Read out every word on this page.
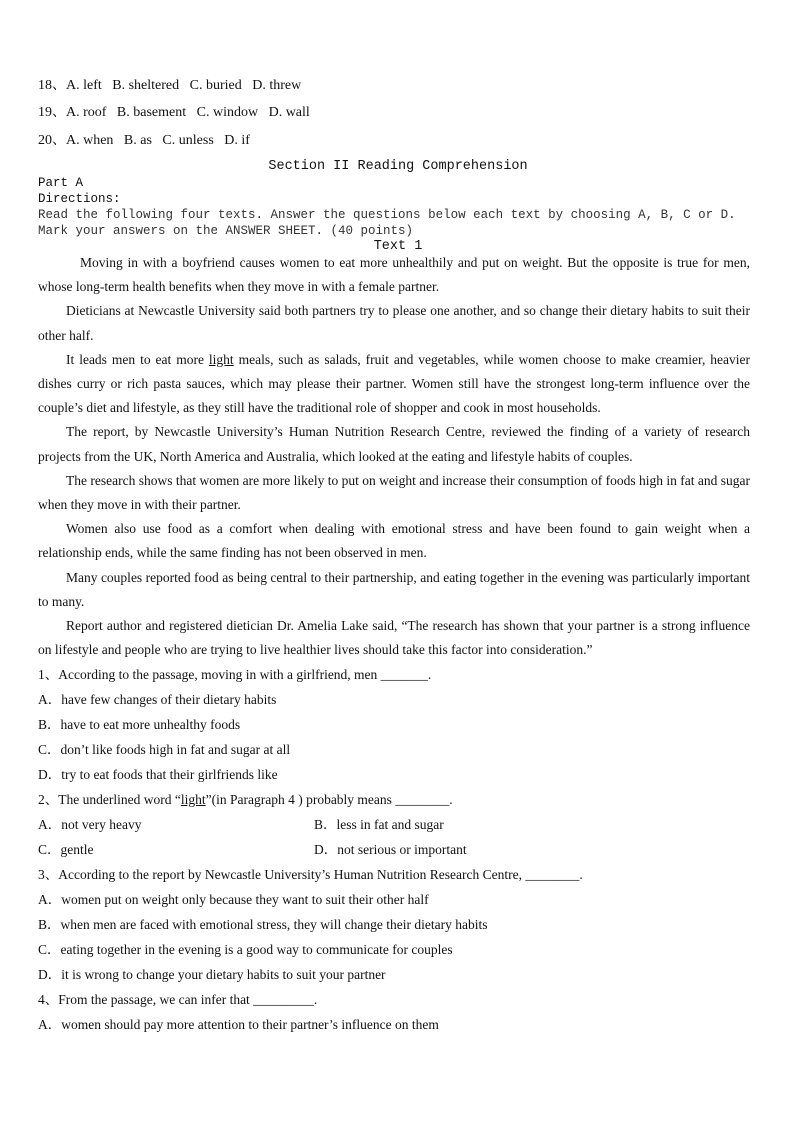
18、A. left   B. sheltered   C. buried   D. threw
19、A. roof   B. basement   C. window   D. wall
20、A. when   B. as   C. unless   D. if
Section II Reading Comprehension
Part A
Directions:
Read the following four texts. Answer the questions below each text by choosing A, B, C or D. Mark your answers on the ANSWER SHEET. (40 points)
Text 1

Moving in with a boyfriend causes women to eat more unhealthily and put on weight. But the opposite is true for men, whose long-term health benefits when they move in with a female partner.

Dieticians at Newcastle University said both partners try to please one another, and so change their dietary habits to suit their other half.

It leads men to eat more light meals, such as salads, fruit and vegetables, while women choose to make creamier, heavier dishes curry or rich pasta sauces, which may please their partner. Women still have the strongest long-term influence over the couple’s diet and lifestyle, as they still have the traditional role of shopper and cook in most households.

The report, by Newcastle University’s Human Nutrition Research Centre, reviewed the finding of a variety of research projects from the UK, North America and Australia, which looked at the eating and lifestyle habits of couples.

The research shows that women are more likely to put on weight and increase their consumption of foods high in fat and sugar when they move in with their partner.

Women also use food as a comfort when dealing with emotional stress and have been found to gain weight when a relationship ends, while the same finding has not been observed in men.

Many couples reported food as being central to their partnership, and eating together in the evening was particularly important to many.

Report author and registered dietician Dr. Amelia Lake said, “The research has shown that your partner is a strong influence on lifestyle and people who are trying to live healthier lives should take this factor into consideration.”

1、According to the passage, moving in with a girlfriend, men _______.
A．have few changes of their dietary habits
B．have to eat more unhealthy foods
C．don’t like foods high in fat and sugar at all
D．try to eat foods that their girlfriends like
2、The underlined word “light”(in Paragraph 4 ) probably means ________.
A．not very heavy	B．less in fat and sugar
C．gentle	D．not serious or important
3、According to the report by Newcastle University’s Human Nutrition Research Centre, ________.
A．women put on weight only because they want to suit their other half
B．when men are faced with emotional stress, they will change their dietary habits
C．eating together in the evening is a good way to communicate for couples
D．it is wrong to change your dietary habits to suit your partner
4、From the passage, we can infer that _________.
A．women should pay more attention to their partner’s influence on them
